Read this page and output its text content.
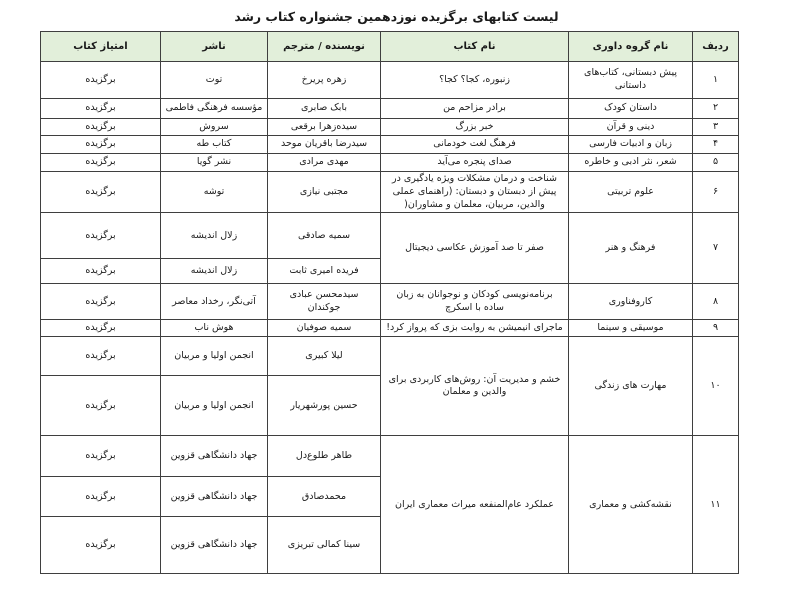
لیست کتابهای برگزیده نوزدهمین جشنواره کتاب رشد
ردیف	نام گروه داوری	نام کتاب	نویسنده / مترجم	ناشر	امتیاز کتاب
۱	پیش دبستانی، کتاب‌های داستانی	زنبوره، کجا؟ کجا؟	زهره پریرخ	توت	برگزیده
۲	داستان کودک	برادر مزاحم من	بابک صابری	مؤسسه فرهنگی فاطمی	برگزیده
۳	دینی و قرآن	خبر بزرگ	سیده‌زهرا برقعی	سروش	برگزیده
۴	زبان و ادبیات فارسی	فرهنگ لغت خودمانی	سیدرضا باقریان موحد	کتاب طه	برگزیده
۵	شعر، نثر ادبی و خاطره	صدای پنجره می‌آید	مهدی مرادی	نشر گویا	برگزیده
۶	علوم تربیتی	شناخت و درمان مشکلات ویژه یادگیری در پیش از دبستان و دبستان: (راهنمای عملی والدین، مربیان، معلمان و مشاوران(	مجتبی نیازی	توشه	برگزیده
۷	فرهنگ و هنر	صفر تا صد آموزش عکاسی دیجیتال	سمیه صادقی	زلال اندیشه	برگزیده
			فریده امیری ثابت	زلال اندیشه	برگزیده
۸	کاروفناوری	برنامه‌نویسی کودکان و نوجوانان به زبان ساده با اسکرچ	سیدمحسن عبادی جوکندان	آتی‌نگر، رخداد معاصر	برگزیده
۹	موسیقی و سینما	ماجرای انیمیشن به روایت بزی که پرواز کرد!	سمیه صوفیان	هوش ناب	برگزیده
۱۰	مهارت های زندگی	خشم و مدیریت آن: روش‌های کاربردی برای والدین و معلمان	لیلا کبیری	انجمن اولیا و مربیان	برگزیده
			حسین پورشهریار	انجمن اولیا و مربیان	برگزیده
۱۱	نقشه‌کشی و معماری	عملکرد عام‌المنفعه میراث معماری ایران	طاهر طلوع‌دل	جهاد دانشگاهی قزوین	برگزیده
			محمدصادق	جهاد دانشگاهی قزوین	برگزیده
			سینا کمالی تبریزی	جهاد دانشگاهی قزوین	برگزیده
